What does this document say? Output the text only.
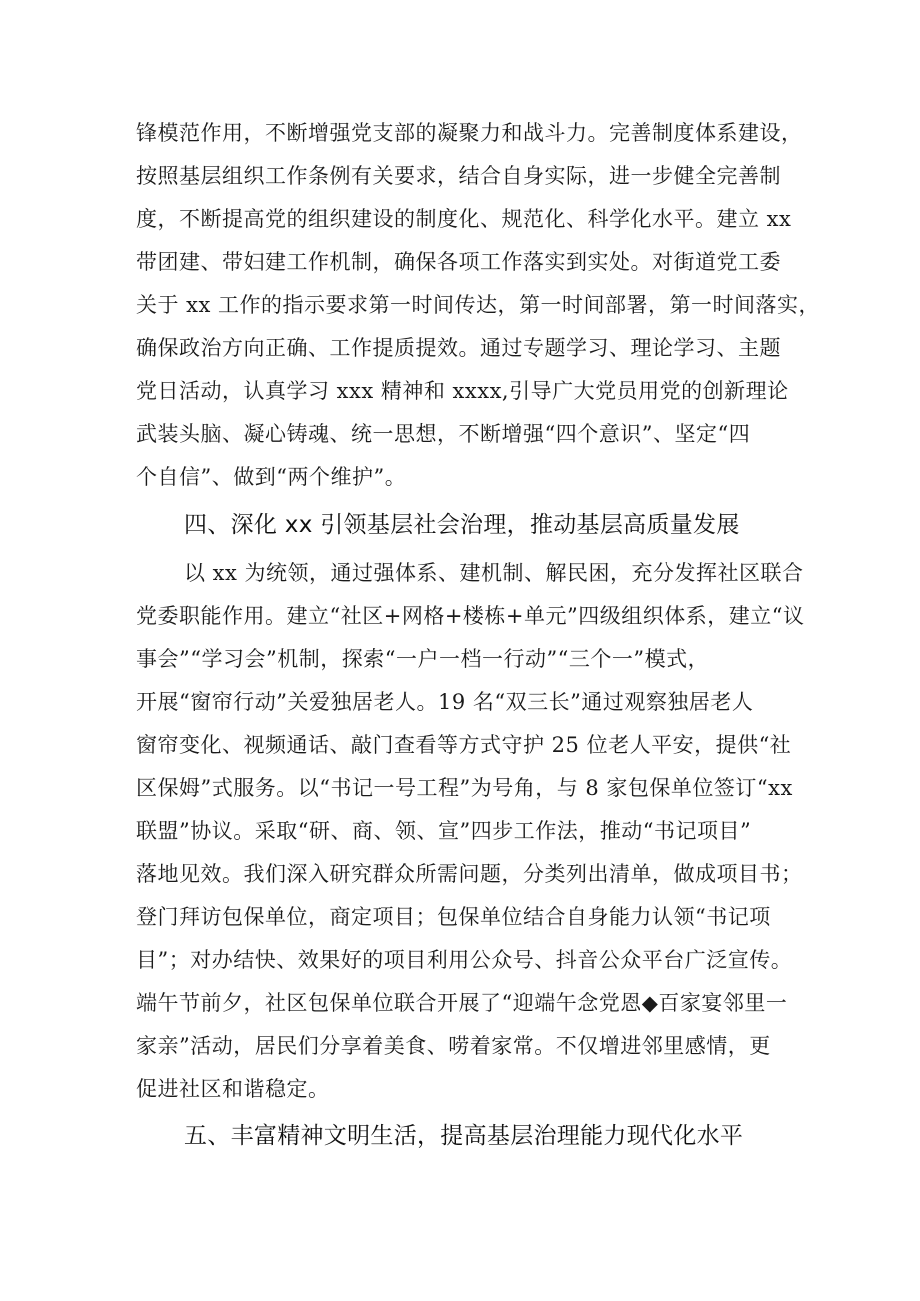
锋模范作用，不断增强党支部的凝聚力和战斗力。完善制度体系建设，
按照基层组织工作条例有关要求，结合自身实际，进一步健全完善制
度，不断提高党的组织建设的制度化、规范化、科学化水平。建立 xx
带团建、带妇建工作机制，确保各项工作落实到实处。对街道党工委
关于 xx 工作的指示要求第一时间传达，第一时间部署，第一时间落实，
确保政治方向正确、工作提质提效。通过专题学习、理论学习、主题
党日活动，认真学习 xxx 精神和 xxxx,引导广大党员用党的创新理论
武装头脑、凝心铸魂、统一思想，不断增强“四个意识”、坚定“四
个自信”、做到“两个维护”。
四、深化 xx 引领基层社会治理，推动基层高质量发展
以 xx 为统领，通过强体系、建机制、解民困，充分发挥社区联合
党委职能作用。建立“社区+网格+楼栋+单元”四级组织体系，建立“议
事会”“学习会”机制，探索“一户一档一行动”“三个一”模式，
开展“窗帘行动”关爱独居老人。19 名“双三长”通过观察独居老人
窗帘变化、视频通话、敲门查看等方式守护 25 位老人平安，提供“社
区保姆”式服务。以“书记一号工程”为号角，与 8 家包保单位签订“xx
联盟”协议。采取“研、商、领、宣”四步工作法，推动“书记项目”
落地见效。我们深入研究群众所需问题，分类列出清单，做成项目书；
登门拜访包保单位，商定项目；包保单位结合自身能力认领“书记项
目”；对办结快、效果好的项目利用公众号、抖音公众平台广泛宣传。
端午节前夕，社区包保单位联合开展了“迎端午念党恩◆百家宴邻里一
家亲”活动，居民们分享着美食、唠着家常。不仅增进邻里感情，更
促进社区和谐稳定。
五、丰富精神文明生活，提高基层治理能力现代化水平
